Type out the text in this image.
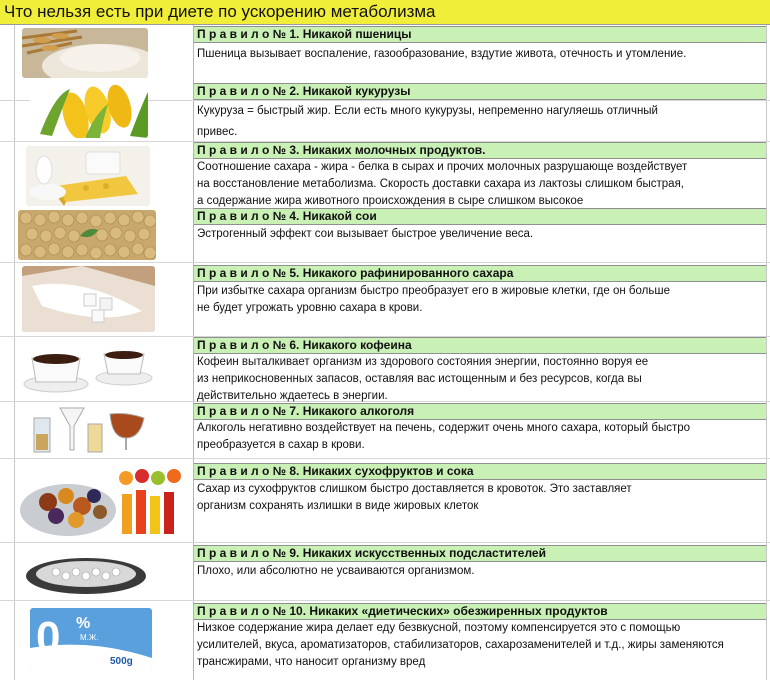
Что нельзя есть при диете по ускорению метаболизма
П р а в и л о № 1. Никакой пшеницы
Пшеница вызывает воспаление, газообразование, вздутие живота, отечность и утомление.
П р а в и л о № 2. Никакой кукурузы
Кукуруза = быстрый жир. Если есть много кукурузы, непременно нагуляешь отличный
привес.
П р а в и л о № 3. Никаких молочных продуктов.
Соотношение сахара - жира - белка в сырах и прочих молочных разрушающе воздействует
на восстановление метаболизма. Скорость доставки сахара из лактозы слишком быстрая,
а содержание жира животного происхождения в сыре слишком высокое
П р а в и л о № 4. Никакой сои
Эстрогенный эффект сои вызывает быстрое увеличение веса.
П р а в и л о № 5. Никакого рафинированного сахара
При избытке сахара организм быстро преобразует его в жировые клетки, где он больше
не будет угрожать уровню сахара в крови.
П р а в и л о № 6. Никакого кофеина
Кофеин выталкивает организм из здорового состояния энергии, постоянно воруя ее
из неприкосновенных запасов, оставляя вас истощенным и без ресурсов, когда вы
действительно ждаетесь в энергии.
П р а в и л о № 7. Никакого алкоголя
Алкоголь негативно воздействует на печень, содержит очень много сахара, который быстро
преобразуется в сахар в крови.
П р а в и л о № 8. Никаких сухофруктов и сока
Сахар из сухофруктов слишком быстро доставляется в кровоток. Это заставляет
организм сохранять излишки в виде жировых клеток
П р а в и л о № 9. Никаких искусственных подсластителей
Плохо, или абсолютно не усваиваются организмом.
П р а в и л о № 10. Никаких «диетических» обезжиренных продуктов
Низкое содержание жира делает еду безвкусной, поэтому компенсируется это с помощью
усилителей, вкуса, ароматизаторов, стабилизаторов, сахарозаменителей и т.д., жиры заменяются
трансжирами, что наносит организму вред
0 %
М.Ж.
500g
